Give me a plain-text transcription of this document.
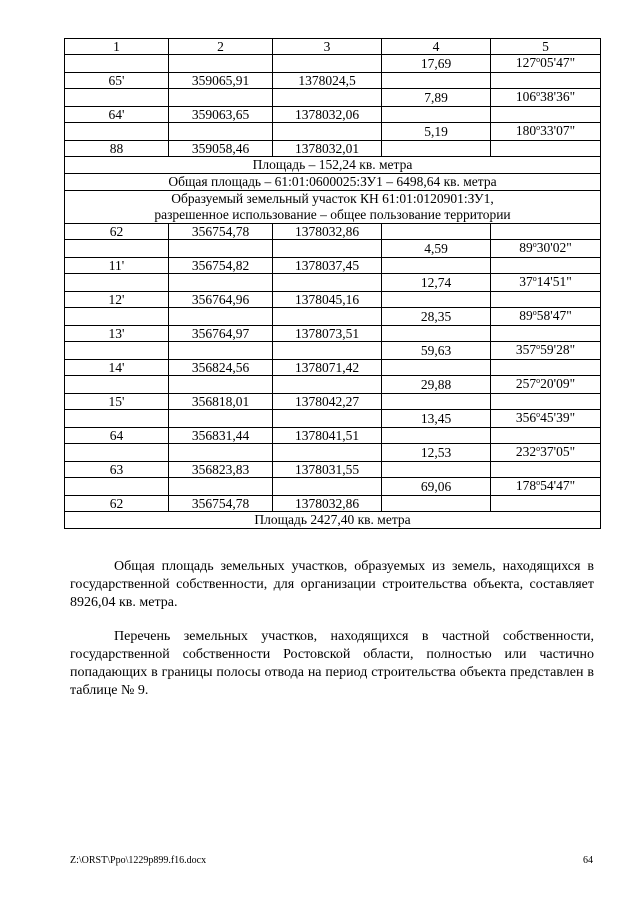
1	2	3	4	5
			17,69	127$^o$05'47"
65'	359065,91	1378024,5		
			7,89	106$^o$38'36"
64'	359063,65	1378032,06		
			5,19	180$^o$33'07"
88	359058,46	1378032,01		
Площадь – 152,24 кв. метра				
Общая площадь – 61:01:0600025:ЗУ1 – 6498,64 кв. метра				

Образуемый земельный участок КН 61:01:0120901:ЗУ1,
разрешенное использование – общее пользование территории				

62	356754,78	1378032,86		
			4,59	89$^o$30'02"
11'	356754,82	1378037,45		
			12,74	37$^o$14'51"
12'	356764,96	1378045,16		
			28,35	89$^o$58'47"
13'	356764,97	1378073,51		
			59,63	357$^o$59'28"
14'	356824,56	1378071,42		
			29,88	257$^o$20'09"
15'	356818,01	1378042,27		
			13,45	356$^o$45'39"
64	356831,44	1378041,51		
			12,53	232$^o$37'05"
63	356823,83	1378031,55		
			69,06	178$^o$54'47"
62	356754,78	1378032,86		
Площадь 2427,40 кв. метра				

Общая площадь земельных участков, образуемых из земель, находящихся в государственной собственности, для организации строительства объекта, составляет 8926,04 кв. метра.

Перечень земельных участков, находящихся в частной собственности, государственной собственности Ростовской области, полностью или частично попадающих в границы полосы отвода на период строительства объекта представлен в таблице № 9.

Z:\ORST\Ppo\1229p899.f16.docx	64
